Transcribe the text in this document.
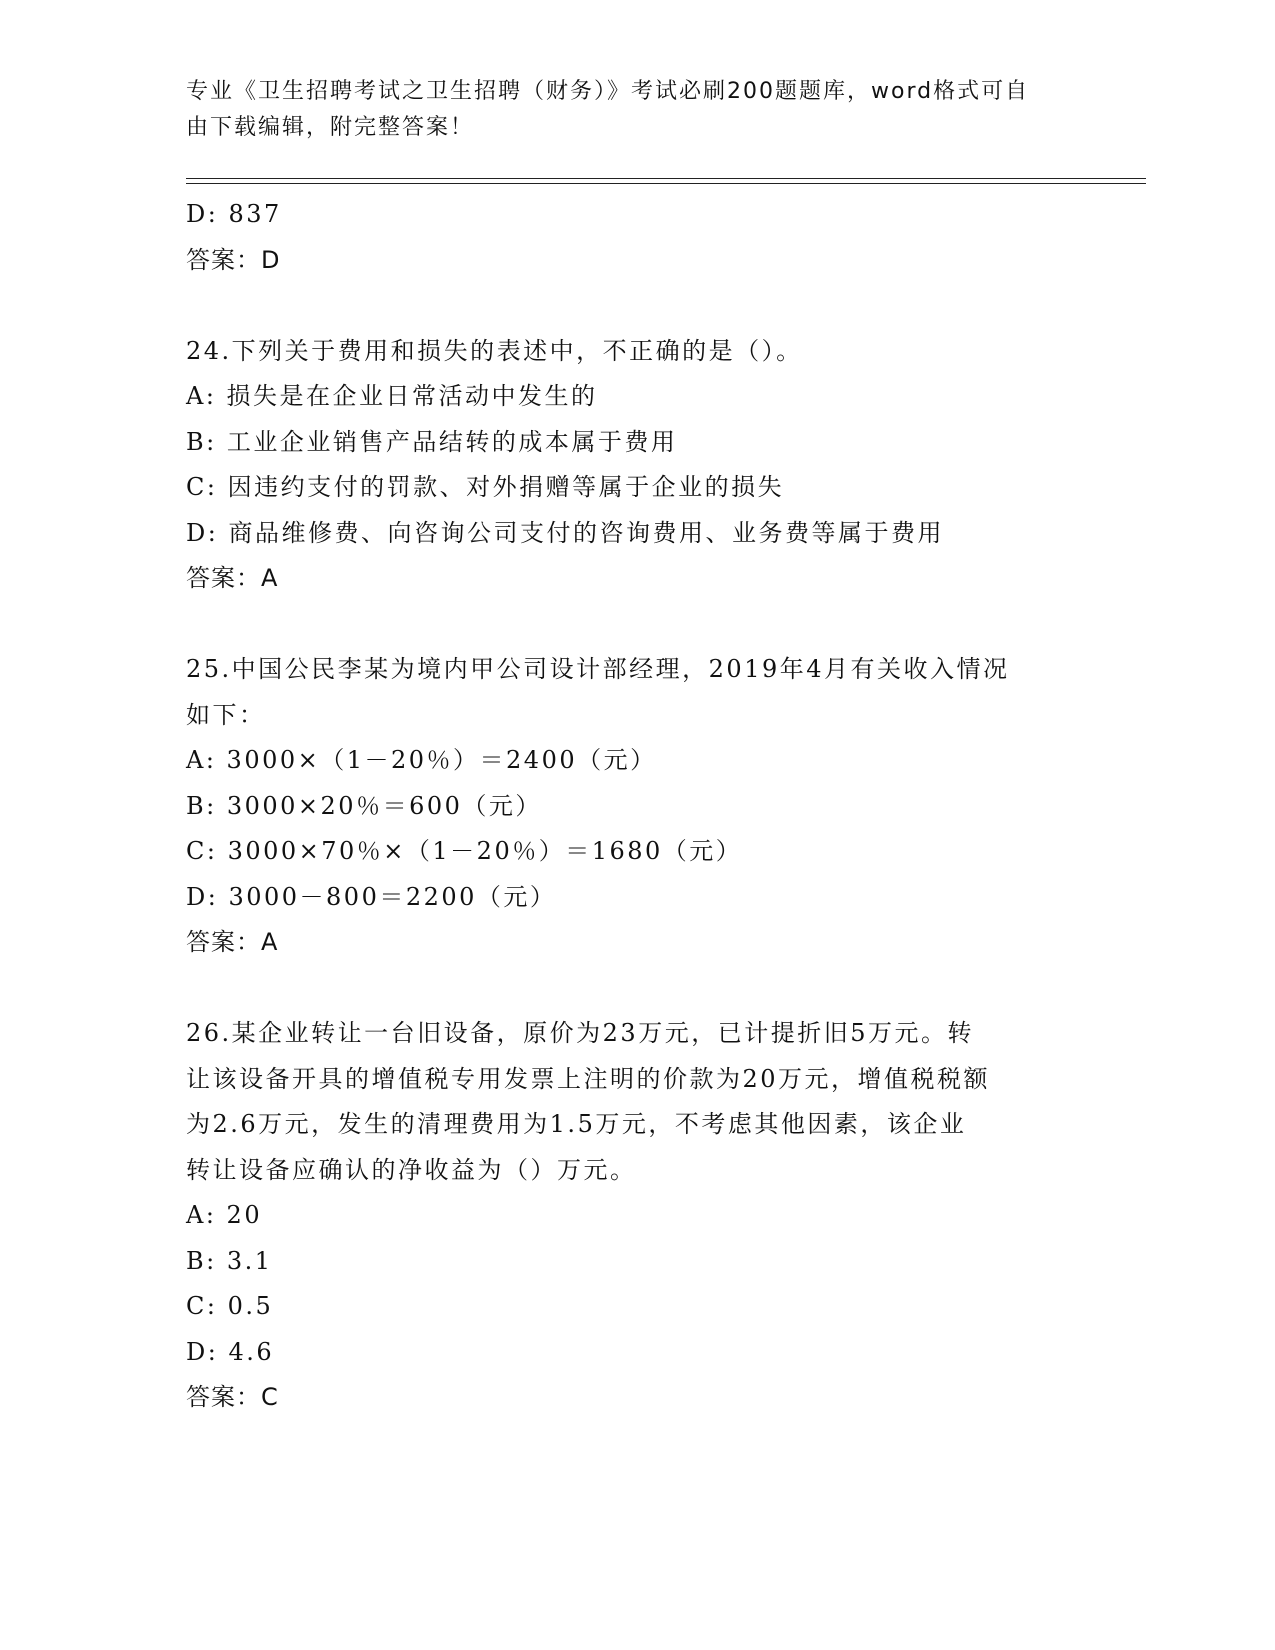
专业《卫生招聘考试之卫生招聘（财务）》考试必刷200题题库，word格式可自
由下载编辑，附完整答案！
D: 837
答案：D
24.下列关于费用和损失的表述中，不正确的是（）。
A: 损失是在企业日常活动中发生的
B: 工业企业销售产品结转的成本属于费用
C: 因违约支付的罚款、对外捐赠等属于企业的损失
D: 商品维修费、向咨询公司支付的咨询费用、业务费等属于费用
答案：A
25.中国公民李某为境内甲公司设计部经理，2019年4月有关收入情况
如下：
A: 3000×（1－20％）＝2400（元）
B: 3000×20％＝600（元）
C: 3000×70％×（1－20％）＝1680（元）
D: 3000－800＝2200（元）
答案：A
26.某企业转让一台旧设备，原价为23万元，已计提折旧5万元。转
让该设备开具的增值税专用发票上注明的价款为20万元，增值税税额
为2.6万元，发生的清理费用为1.5万元，不考虑其他因素，该企业
转让设备应确认的净收益为（）万元。
A: 20
B: 3.1
C: 0.5
D: 4.6
答案：C
